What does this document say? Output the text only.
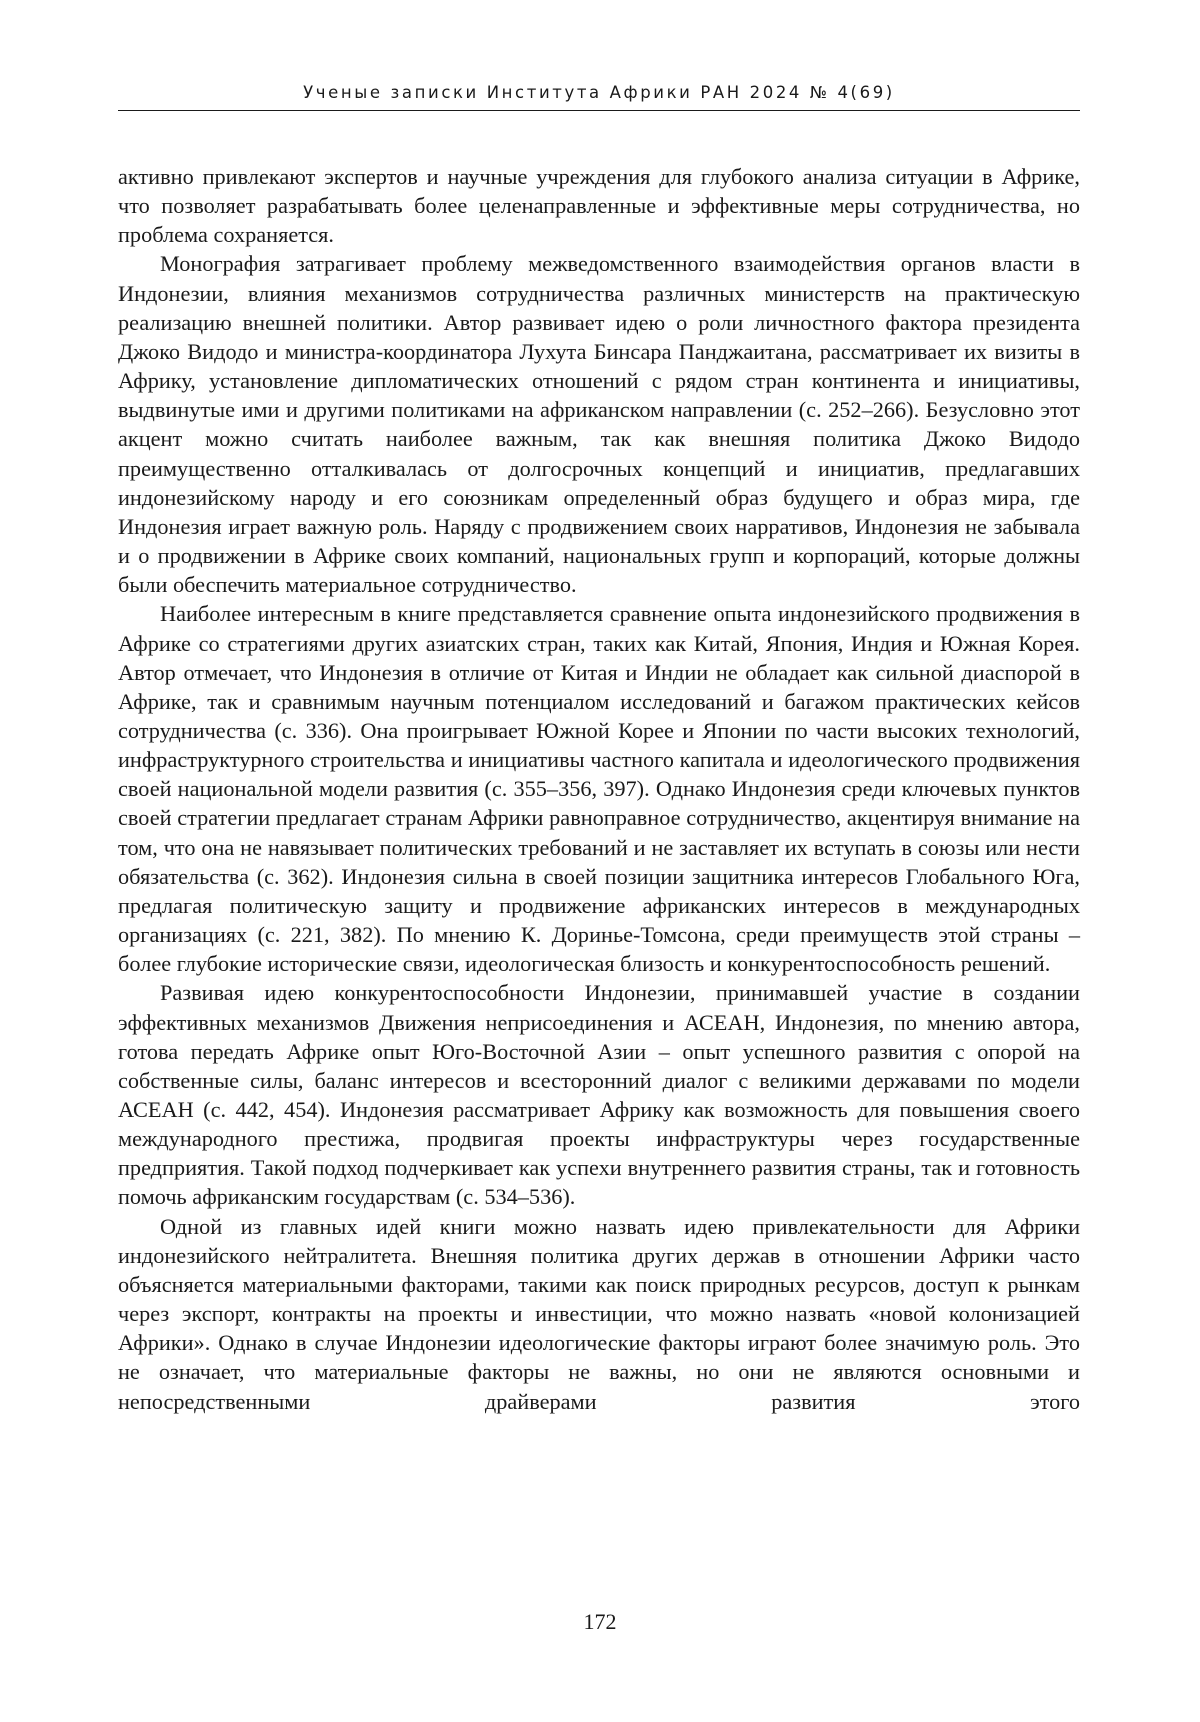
Ученые записки Института Африки РАН 2024 № 4(69)

активно привлекают экспертов и научные учреждения для глубокого анализа ситуации в Африке, что позволяет разрабатывать более целенаправленные и эффективные меры сотрудничества, но проблема сохраняется.

Монография затрагивает проблему межведомственного взаимодействия органов власти в Индонезии, влияния механизмов сотрудничества различных министерств на практическую реализацию внешней политики. Автор развивает идею о роли личностного фактора президента Джоко Видодо и министра-координатора Лухута Бинсара Панджаитана, рассматривает их визиты в Африку, установление дипломатических отношений с рядом стран континента и инициативы, выдвинутые ими и другими политиками на африканском направлении (с. 252–266). Безусловно этот акцент можно считать наиболее важным, так как внешняя политика Джоко Видодо преимущественно отталкивалась от долгосрочных концепций и инициатив, предлагавших индонезийскому народу и его союзникам определенный образ будущего и образ мира, где Индонезия играет важную роль. Наряду с продвижением своих нарративов, Индонезия не забывала и о продвижении в Африке своих компаний, национальных групп и корпораций, которые должны были обеспечить материальное сотрудничество.

Наиболее интересным в книге представляется сравнение опыта индонезийского продвижения в Африке со стратегиями других азиатских стран, таких как Китай, Япония, Индия и Южная Корея. Автор отмечает, что Индонезия в отличие от Китая и Индии не обладает как сильной диаспорой в Африке, так и сравнимым научным потенциалом исследований и багажом практических кейсов сотрудничества (с. 336). Она проигрывает Южной Корее и Японии по части высоких технологий, инфраструктурного строительства и инициативы частного капитала и идеологического продвижения своей национальной модели развития (с. 355–356, 397). Однако Индонезия среди ключевых пунктов своей стратегии предлагает странам Африки равноправное сотрудничество, акцентируя внимание на том, что она не навязывает политических требований и не заставляет их вступать в союзы или нести обязательства (с. 362). Индонезия сильна в своей позиции защитника интересов Глобального Юга, предлагая политическую защиту и продвижение африканских интересов в международных организациях (с. 221, 382). По мнению К. Доринье-Томсона, среди преимуществ этой страны – более глубокие исторические связи, идеологическая близость и конкурентоспособность решений.

Развивая идею конкурентоспособности Индонезии, принимавшей участие в создании эффективных механизмов Движения неприсоединения и АСЕАН, Индонезия, по мнению автора, готова передать Африке опыт Юго-Восточной Азии – опыт успешного развития с опорой на собственные силы, баланс интересов и всесторонний диалог с великими державами по модели АСЕАН (с. 442, 454). Индонезия рассматривает Африку как возможность для повышения своего международного престижа, продвигая проекты инфраструктуры через государственные предприятия. Такой подход подчеркивает как успехи внутреннего развития страны, так и готовность помочь африканским государствам (с. 534–536).

Одной из главных идей книги можно назвать идею привлекательности для Африки индонезийского нейтралитета. Внешняя политика других держав в отношении Африки часто объясняется материальными факторами, такими как поиск природных ресурсов, доступ к рынкам через экспорт, контракты на проекты и инвестиции, что можно назвать «новой колонизацией Африки». Однако в случае Индонезии идеологические факторы играют более значимую роль. Это не означает, что материальные факторы не важны, но они не являются основными и непосредственными драйверами развития этого

172
